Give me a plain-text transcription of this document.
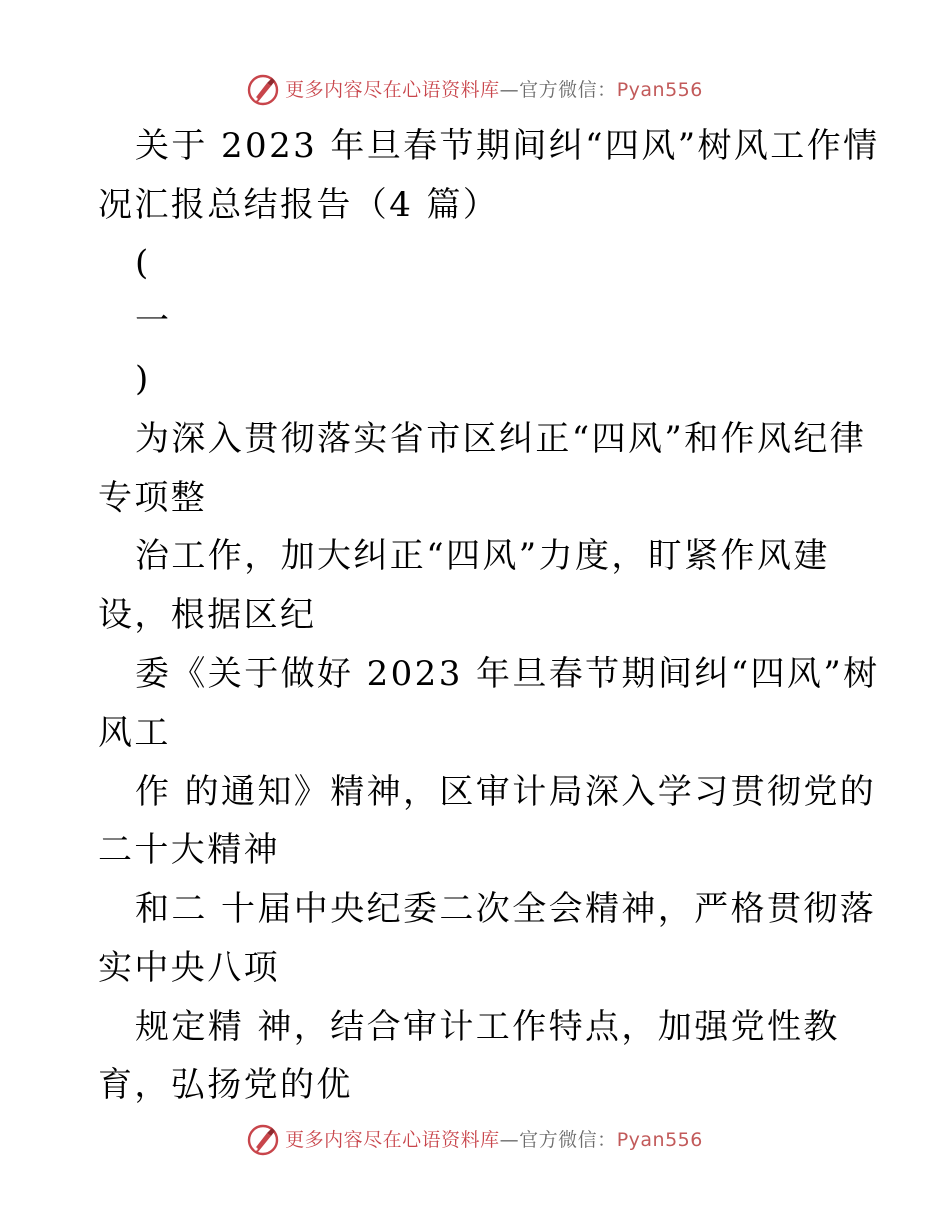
更多内容尽在心语资料库—官方微信：Pyan556
关于 2023 年旦春节期间纠“四风”树风工作情
况汇报总结报告（4 篇）
(
一
)
为深入贯彻落实省市区纠正“四风”和作风纪律
专项整
治工作，加大纠正“四风”力度，盯紧作风建
设，根据区纪
委《关于做好 2023 年旦春节期间纠“四风”树
风工
作 的通知》精神，区审计局深入学习贯彻党的
二十大精神
和二 十届中央纪委二次全会精神，严格贯彻落
实中央八项
规定精 神，结合审计工作特点，加强党性教
育，弘扬党的优
更多内容尽在心语资料库—官方微信：Pyan556
